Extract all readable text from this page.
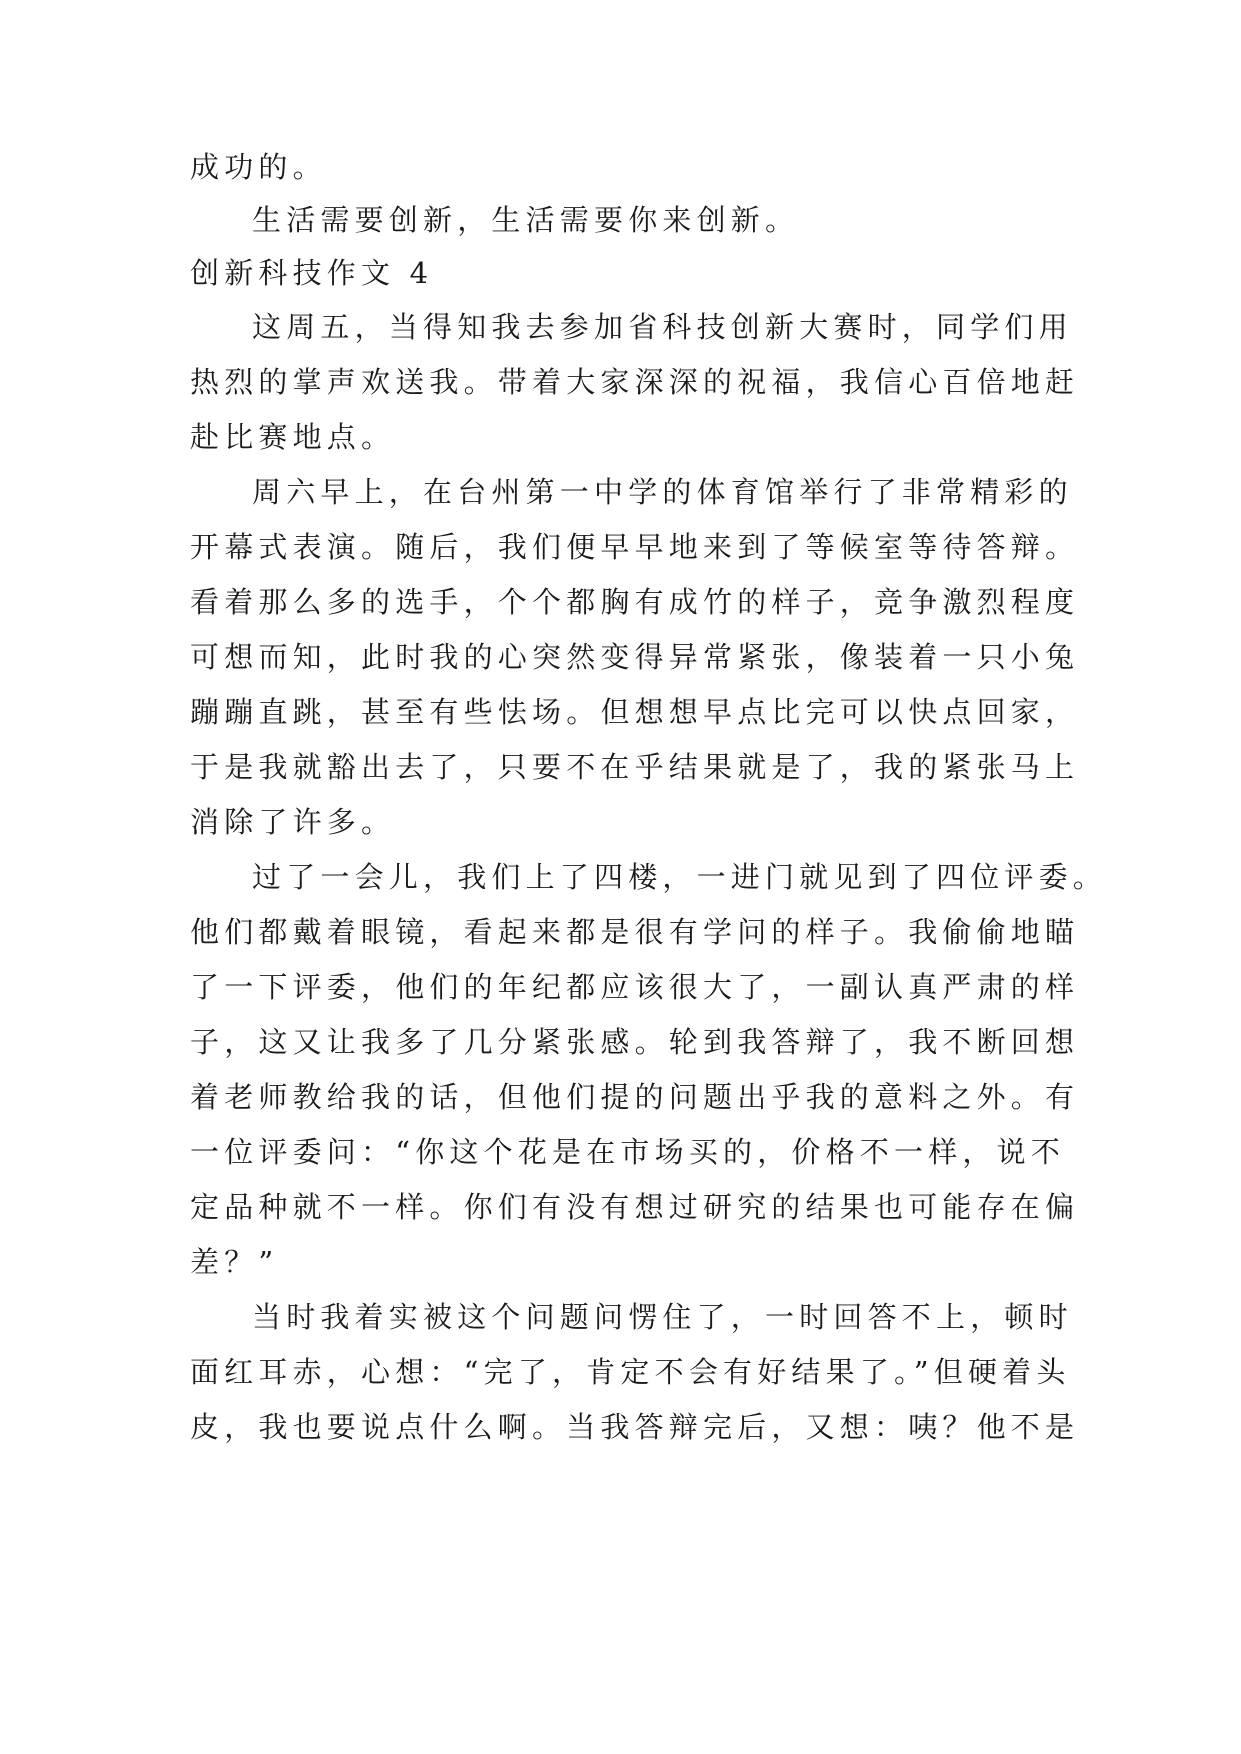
成功的。
生活需要创新，生活需要你来创新。
创新科技作文 4
这周五，当得知我去参加省科技创新大赛时，同学们用
热烈的掌声欢送我。带着大家深深的祝福，我信心百倍地赶
赴比赛地点。
周六早上，在台州第一中学的体育馆举行了非常精彩的
开幕式表演。随后，我们便早早地来到了等候室等待答辩。
看着那么多的选手，个个都胸有成竹的样子，竞争激烈程度
可想而知，此时我的心突然变得异常紧张，像装着一只小兔
蹦蹦直跳，甚至有些怯场。但想想早点比完可以快点回家，
于是我就豁出去了，只要不在乎结果就是了，我的紧张马上
消除了许多。
过了一会儿，我们上了四楼，一进门就见到了四位评委。
他们都戴着眼镜，看起来都是很有学问的样子。我偷偷地瞄
了一下评委，他们的年纪都应该很大了，一副认真严肃的样
子，这又让我多了几分紧张感。轮到我答辩了，我不断回想
着老师教给我的话，但他们提的问题出乎我的意料之外。有
一位评委问：“你这个花是在市场买的，价格不一样，说不
定品种就不一样。你们有没有想过研究的结果也可能存在偏
差？”
当时我着实被这个问题问愣住了，一时回答不上，顿时
面红耳赤，心想：“完了，肯定不会有好结果了。”但硬着头
皮，我也要说点什么啊。当我答辩完后，又想：咦？他不是
